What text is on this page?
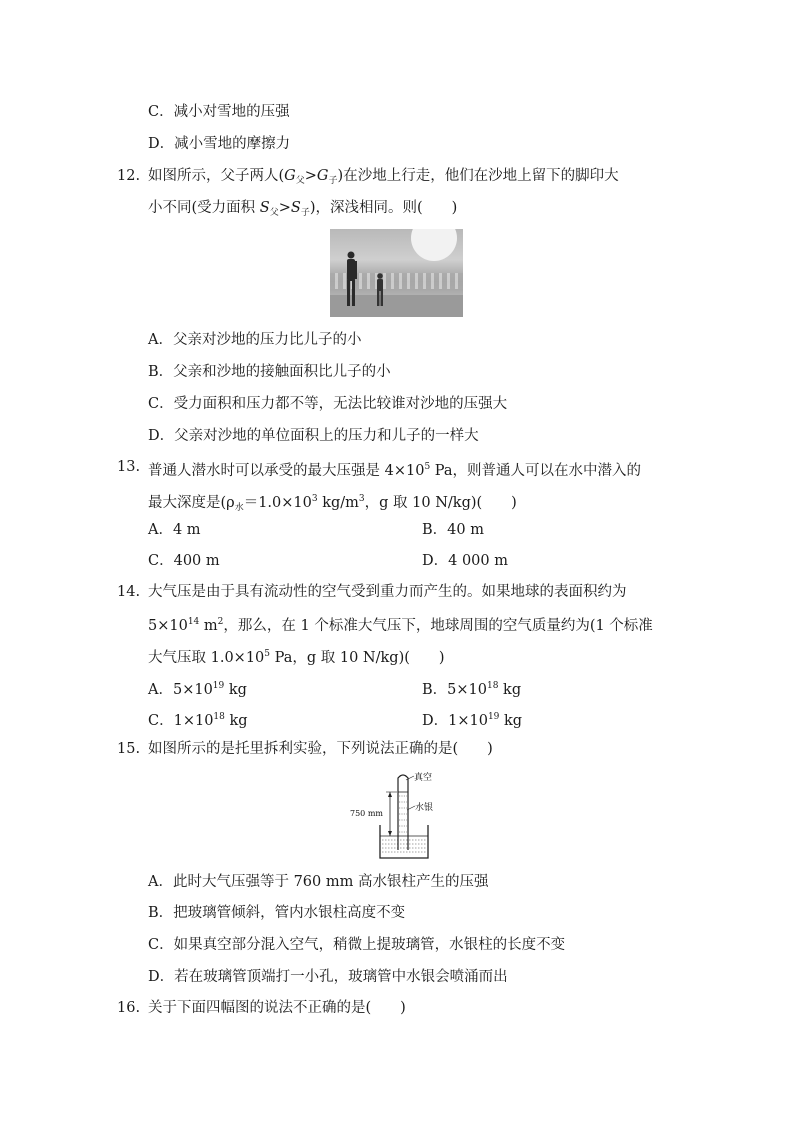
C．减小对雪地的压强
D．减小雪地的摩擦力
12. 如图所示，父子两人$(G_父>G_子)$在沙地上行走，他们在沙地上留下的脚印大
小不同(受力面积 $S_父>S_子$)，深浅相同。则(　　)
A．父亲对沙地的压力比儿子的小
B．父亲和沙地的接触面积比儿子的小
C．受力面积和压力都不等，无法比较谁对沙地的压强大
D．父亲对沙地的单位面积上的压力和儿子的一样大
13. 普通人潜水时可以承受的最大压强是 $4\times 10^5$ Pa，则普通人可以在水中潜入的
最大深度是($\rho_水=1.0\times 10^3$ $kg/m^3$，g 取 10 N/kg)(　　)
A．4 m	B．40 m
C．400 m	D．4 000 m
14. 大气压是由于具有流动性的空气受到重力而产生的。如果地球的表面积约为
$5\times 10^{14}$ $m^2$，那么，在 1 个标准大气压下，地球周围的空气质量约为(1 个标准
大气压取 $1.0\times 10^5$ Pa，g 取 10 N/kg)(　　)
A．$5\times 10^{19}$ kg	B．$5\times 10^{18}$ kg
C．$1\times 10^{18}$ kg	D．$1\times 10^{19}$ kg
15. 如图所示的是托里拆利实验，下列说法正确的是(　　)
真空
水银
750 mm
A．此时大气压强等于 760 mm 高水银柱产生的压强
B．把玻璃管倾斜，管内水银柱高度不变
C．如果真空部分混入空气，稍微上提玻璃管，水银柱的长度不变
D．若在玻璃管顶端打一小孔，玻璃管中水银会喷涌而出
16. 关于下面四幅图的说法不正确的是(　　)
